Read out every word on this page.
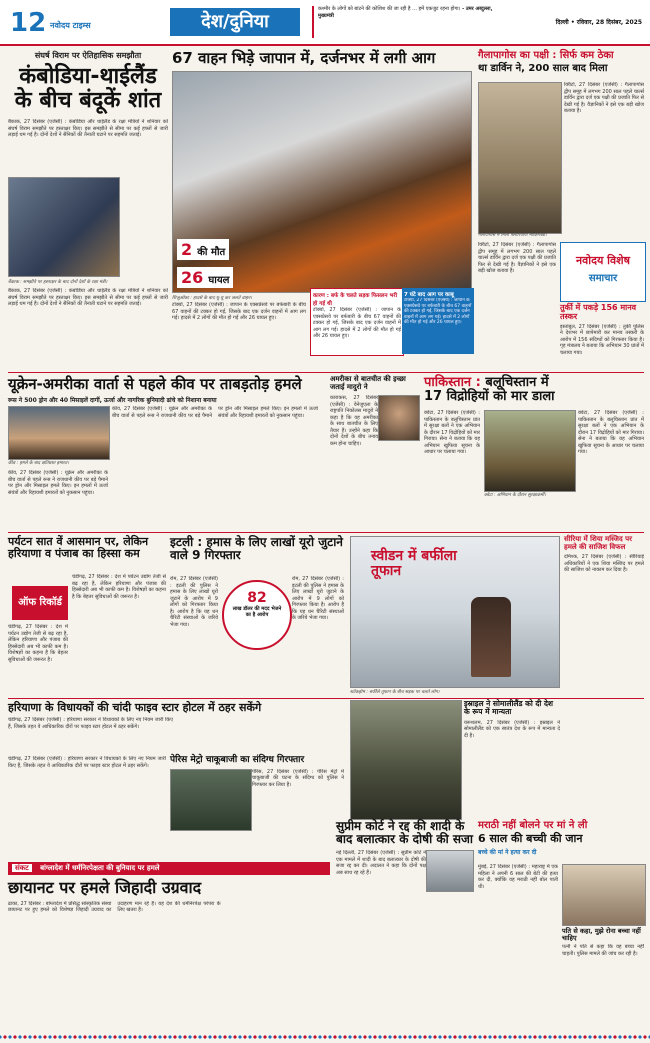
12 नवोदय टाइम्स	देश/दुनिया
कश्मीर के लोगों को बांटने की कोशिश की जा रही है ... हमें एकजुट रहना होगा। - उमर अब्दुल्ला, मुख्यमंत्री
दिल्ली • रविवार, 28 दिसंबर, 2025
संघर्ष विराम पर ऐतिहासिक समझौता
कंबोडिया-थाईलैंड के बीच बंदूकें शांत
बैंकाक, 27 दिसंबर (एजेंसी) : कंबोडिया और थाईलैंड के रक्षा मंत्रियों ने शनिवार को संघर्ष विराम समझौते पर हस्ताक्षर किए। इस समझौते से सीमा पर कई हफ्तों से जारी लड़ाई थम गई है। दोनों देशों ने सैनिकों की तैनाती घटाने पर सहमति जताई।
बैंकाक : समझौते पर हस्ताक्षर के बाद दोनों देशों के रक्षा मंत्री।
बैंकाक, 27 दिसंबर (एजेंसी) : कंबोडिया और थाईलैंड के रक्षा मंत्रियों ने शनिवार को संघर्ष विराम समझौते पर हस्ताक्षर किए। इस समझौते से सीमा पर कई हफ्तों से जारी लड़ाई थम गई है। दोनों देशों ने सैनिकों की तैनाती घटाने पर सहमति जताई।
67 वाहन भिड़े जापान में, दर्जनभर में लगी आग
2 की मौत
26 घायल
शिजुओका : हादसे के बाद धू-धू कर जलते वाहन।	कारण : बर्फ के चलते सड़क फिसलन भरी हो गई थी
टोक्यो, 27 दिसंबर (एजेंसी) : जापान के एक्सप्रेसवे पर बर्फबारी के बीच 67 वाहनों की टक्कर हो गई, जिसके बाद एक दर्जन वाहनों में आग लग गई। हादसे में 2 लोगों की मौत हो गई और 26 घायल हुए।
7 घंटे बाद आग पर काबू
टोक्यो, 27 दिसंबर (एजेंसी) : जापान के एक्सप्रेसवे पर बर्फबारी के बीच 67 वाहनों की टक्कर हो गई, जिसके बाद एक दर्जन वाहनों में आग लग गई। हादसे में 2 लोगों की मौत हो गई और 26 घायल हुए।
टोक्यो, 27 दिसंबर (एजेंसी) : जापान के एक्सप्रेसवे पर बर्फबारी के बीच 67 वाहनों की टक्कर हो गई, जिसके बाद एक दर्जन वाहनों में आग लग गई। हादसे में 2 लोगों की मौत हो गई और 26 घायल हुए।
गैलापागोस का पक्षी : सिर्फ कम ठेका
था डार्विन ने, 200 साल बाद मिला
क्विटो, 27 दिसंबर (एजेंसी) : गैलापागोस द्वीप समूह में लगभग 200 साल पहले चार्ल्स डार्विन द्वारा दर्ज एक पक्षी की प्रजाति फिर से देखी गई है। वैज्ञानिकों ने इसे एक बड़ी खोज बताया है।
गैलापागोस में मिला फ्लोरियाना मॉकिंगबर्ड।
नवोदय विशेष
समाचार
क्विटो, 27 दिसंबर (एजेंसी) : गैलापागोस द्वीप समूह में लगभग 200 साल पहले चार्ल्स डार्विन द्वारा दर्ज एक पक्षी की प्रजाति फिर से देखी गई है। वैज्ञानिकों ने इसे एक बड़ी खोज बताया है।
तुर्की में पकड़े 156 मानव तस्कर
इस्तांबुल, 27 दिसंबर (एजेंसी) : तुर्की पुलिस ने देशभर में छापेमारी कर मानव तस्करी के आरोप में 156 संदिग्धों को गिरफ्तार किया है। गृह मंत्रालय ने बताया कि अभियान 30 प्रांतों में चलाया गया।
यूक्रेन-अमरीका वार्ता से पहले कीव पर ताबड़तोड़ हमले
रूस ने 500 ड्रोन और 40 मिसाइलें दागीं, ऊर्जा और नागरिक बुनियादी ढांचे को निशाना बनाया
कीव, 27 दिसंबर (एजेंसी) : यूक्रेन और अमरीका के बीच वार्ता से पहले रूस ने राजधानी कीव पर बड़े पैमाने पर ड्रोन और मिसाइल हमले किए। इन हमलों में ऊर्जा संयंत्रों और रिहायशी इमारतों को नुकसान पहुंचा।
कीव : हमले के बाद क्षतिग्रस्त इमारत।
कीव, 27 दिसंबर (एजेंसी) : यूक्रेन और अमरीका के बीच वार्ता से पहले रूस ने राजधानी कीव पर बड़े पैमाने पर ड्रोन और मिसाइल हमले किए। इन हमलों में ऊर्जा संयंत्रों और रिहायशी इमारतों को नुकसान पहुंचा।
अमरीका से बातचीत की इच्छा जताई मादुरो ने
काराकस, 27 दिसंबर (एजेंसी) : वेनेजुएला के राष्ट्रपति निकोलस मादुरो ने कहा है कि वह अमरीका के साथ बातचीत के लिए तैयार हैं। उन्होंने कहा कि दोनों देशों के बीच तनाव कम होना चाहिए।
पाकिस्तान : बलूचिस्तान में
17 विद्रोहियों को मार डाला
क्वेटा, 27 दिसंबर (एजेंसी) : पाकिस्तान के बलूचिस्तान प्रांत में सुरक्षा बलों ने एक अभियान के दौरान 17 विद्रोहियों को मार गिराया। सेना ने बताया कि यह अभियान खुफिया सूचना के आधार पर चलाया गया।
क्वेटा : अभियान के दौरान सुरक्षाकर्मी।
क्वेटा, 27 दिसंबर (एजेंसी) : पाकिस्तान के बलूचिस्तान प्रांत में सुरक्षा बलों ने एक अभियान के दौरान 17 विद्रोहियों को मार गिराया। सेना ने बताया कि यह अभियान खुफिया सूचना के आधार पर चलाया गया।
पर्यटन सात वें आसमान पर, लेकिन हरियाणा व पंजाब का हिस्सा कम
ऑफ रिकॉर्ड
चंडीगढ़, 27 दिसंबर : देश में पर्यटन उद्योग तेजी से बढ़ रहा है, लेकिन हरियाणा और पंजाब की हिस्सेदारी अब भी काफी कम है। विशेषज्ञों का कहना है कि बेहतर सुविधाओं की जरूरत है।
चंडीगढ़, 27 दिसंबर : देश में पर्यटन उद्योग तेजी से बढ़ रहा है, लेकिन हरियाणा और पंजाब की हिस्सेदारी अब भी काफी कम है। विशेषज्ञों का कहना है कि बेहतर सुविधाओं की जरूरत है।
इटली : हमास के लिए लाखों यूरो जुटाने वाले 9 गिरफ्तार
82
लाख डॉलर की मदद भेजने का है आरोप
रोम, 27 दिसंबर (एजेंसी) : इटली की पुलिस ने हमास के लिए लाखों यूरो जुटाने के आरोप में 9 लोगों को गिरफ्तार किया है। आरोप है कि यह धन चैरिटी संस्थाओं के जरिये भेजा गया।
रोम, 27 दिसंबर (एजेंसी) : इटली की पुलिस ने हमास के लिए लाखों यूरो जुटाने के आरोप में 9 लोगों को गिरफ्तार किया है। आरोप है कि यह धन चैरिटी संस्थाओं के जरिये भेजा गया।
स्वीडन में बर्फीला तूफान
स्टॉकहोम : बर्फीले तूफान के बीच सड़क पर चलते लोग।
सीरिया में शिया मस्जिद पर हमले की साजिश विफल
दमिश्क, 27 दिसंबर (एजेंसी) : सीरियाई अधिकारियों ने एक शिया मस्जिद पर हमले की साजिश को नाकाम कर दिया है।
हरियाणा के विधायकों की चांदी फाइव स्टार होटल में ठहर सकेंगे
चंडीगढ़, 27 दिसंबर (एजेंसी) : हरियाणा सरकार ने विधायकों के लिए नए नियम जारी किए हैं, जिसके तहत वे आधिकारिक दौरों पर फाइव स्टार होटल में ठहर सकेंगे।
पेरिस मेट्रो चाकूबाजी का संदिग्ध गिरफ्तार
पेरिस, 27 दिसंबर (एजेंसी) : पेरिस मेट्रो में चाकूबाजी की घटना के संदिग्ध को पुलिस ने गिरफ्तार कर लिया है।
चंडीगढ़, 27 दिसंबर (एजेंसी) : हरियाणा सरकार ने विधायकों के लिए नए नियम जारी किए हैं, जिसके तहत वे आधिकारिक दौरों पर फाइव स्टार होटल में ठहर सकेंगे।
इस्राइल ने सोमालीलैंड को दी देश के रूप में मान्यता
यरूशलम, 27 दिसंबर (एजेंसी) : इस्राइल ने सोमालीलैंड को एक स्वतंत्र देश के रूप में मान्यता दे दी है।
मराठी नहीं बोलने पर मां ने ली
6 साल की बच्ची की जान
बच्चे की मां ने हत्या कर दी
मुंबई, 27 दिसंबर (एजेंसी) : महाराष्ट्र में एक महिला ने अपनी 6 साल की बेटी की हत्या कर दी, क्योंकि वह मराठी नहीं बोल पाती थी।
पति से कहा, मुझे रोना बच्चा नहीं चाहिए
पत्नी ने पति से कहा कि वह बच्चा नहीं चाहती। पुलिस मामले की जांच कर रही है।
संकट बांग्लादेश में धर्मनिरपेक्षता की बुनियाद पर हमले
छायानट पर हमले जिहादी उग्रवाद
ढाका, 27 दिसंबर : बांग्लादेश में प्रसिद्ध सांस्कृतिक संस्था छायानट पर हुए हमले को विशेषज्ञ जिहादी उग्रवाद का उदाहरण मान रहे हैं। यह देश की धर्मनिरपेक्ष परंपरा के लिए खतरा है।
सुप्रीम कोर्ट ने रद्द की शादी के बाद बलात्कार के दोषी की सजा
नई दिल्ली, 27 दिसंबर (एजेंसी) : सुप्रीम कोर्ट ने एक मामले में शादी के बाद बलात्कार के दोषी की सजा रद्द कर दी। अदालत ने कहा कि दोनों पक्ष अब साथ रह रहे हैं।
